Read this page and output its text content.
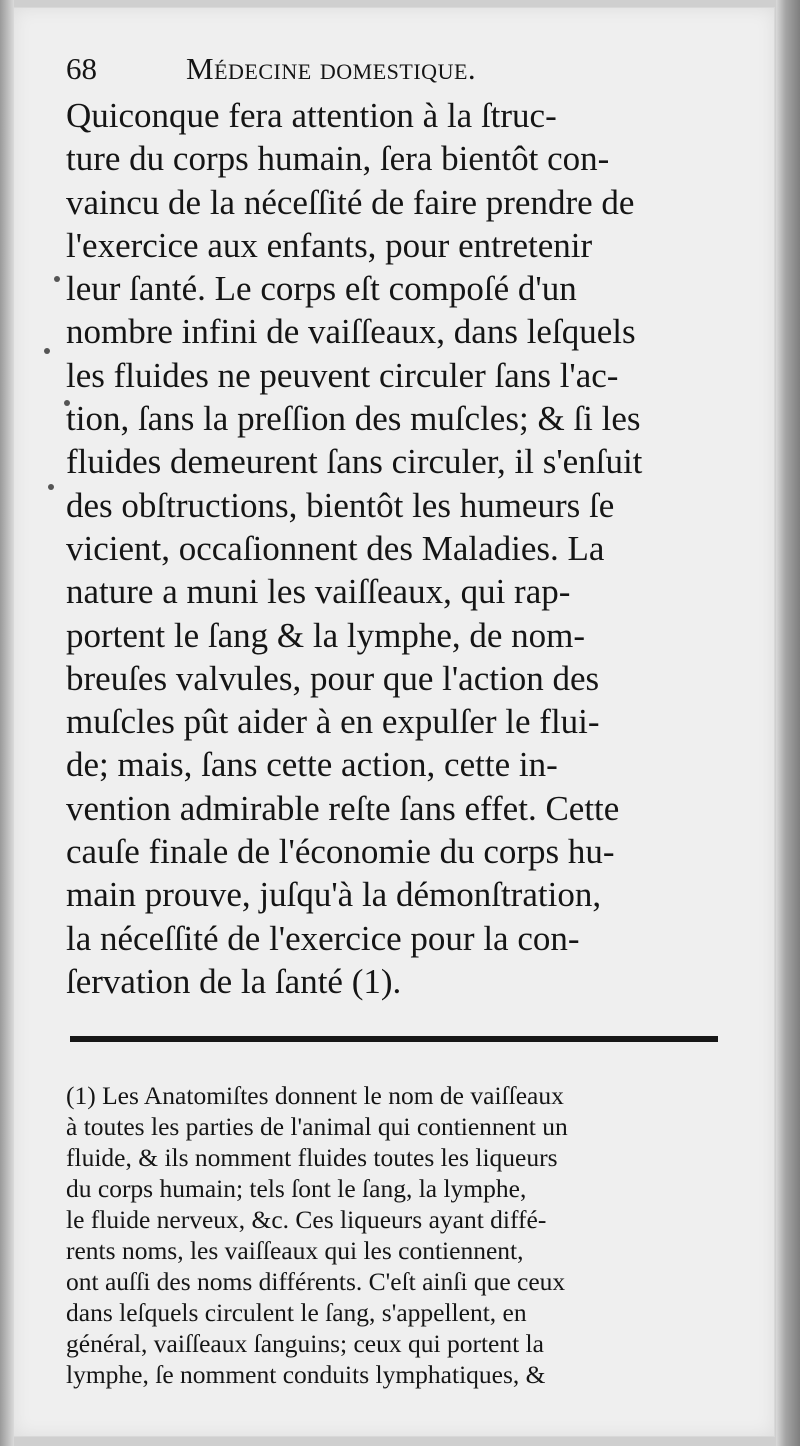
68	Médecine domestique.
Quiconque fera attention à la ſtruc-
ture du corps humain, ſera bientôt con-
vaincu de la néceſſité de faire prendre de
l'exercice aux enfants, pour entretenir
leur ſanté. Le corps eſt compoſé d'un
nombre infini de vaiſſeaux, dans leſquels
les fluides ne peuvent circuler ſans l'ac-
tion, ſans la preſſion des muſcles; & ſi les
fluides demeurent ſans circuler, il s'enſuit
des obſtructions, bientôt les humeurs ſe
vicient, occaſionnent des Maladies. La
nature a muni les vaiſſeaux, qui rap-
portent le ſang & la lymphe, de nom-
breuſes valvules, pour que l'action des
muſcles pût aider à en expulſer le flui-
de; mais, ſans cette action, cette in-
vention admirable reſte ſans effet. Cette
cauſe finale de l'économie du corps hu-
main prouve, juſqu'à la démonſtration,
la néceſſité de l'exercice pour la con-
ſervation de la ſanté (1).
(1) Les Anatomiſtes donnent le nom de vaiſſeaux
à toutes les parties de l'animal qui contiennent un
fluide, & ils nomment fluides toutes les liqueurs
du corps humain; tels ſont le ſang, la lymphe,
le fluide nerveux, &c. Ces liqueurs ayant diffé-
rents noms, les vaiſſeaux qui les contiennent,
ont auſſi des noms différents. C'eſt ainſi que ceux
dans leſquels circulent le ſang, s'appellent, en
général, vaiſſeaux ſanguins; ceux qui portent la
lymphe, ſe nomment conduits lymphatiques, &
